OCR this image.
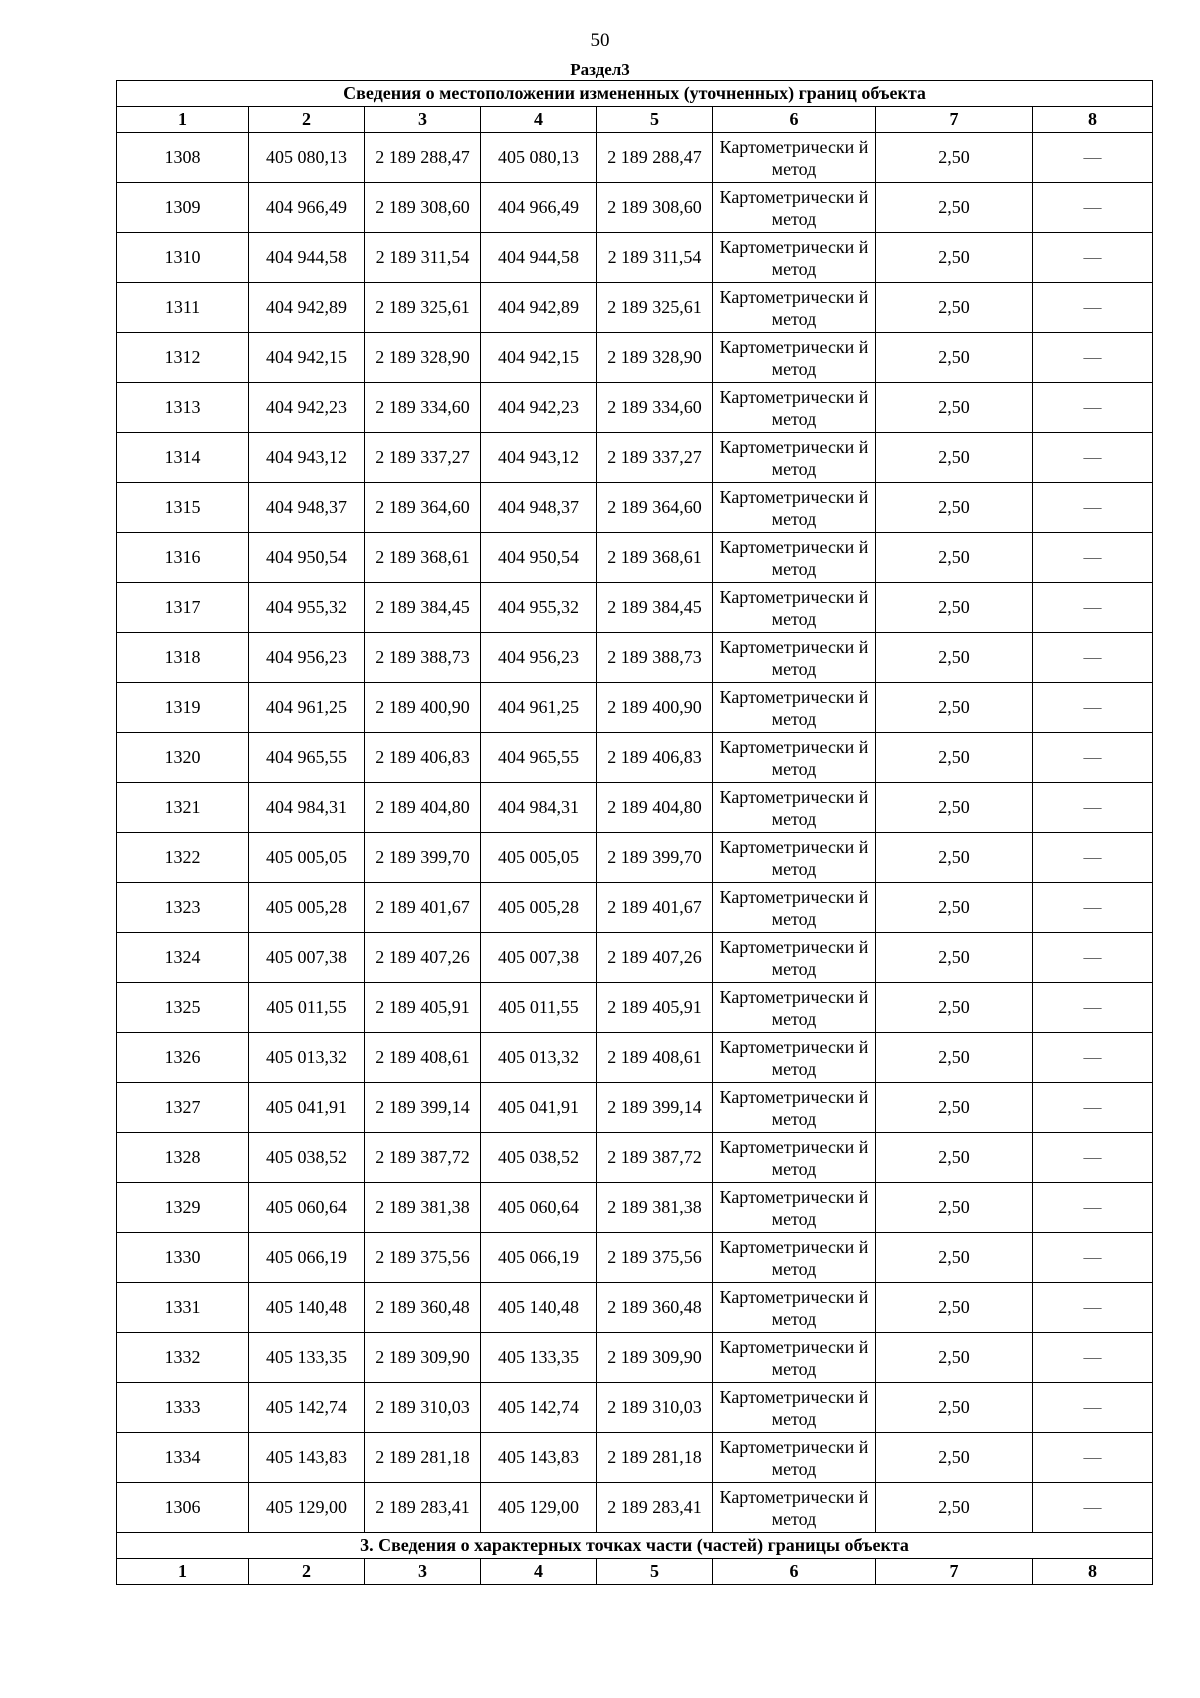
50
Раздел3
Сведения о местоположении измененных (уточненных) границ объекта							
1	2	3	4	5	6	7	8
1308	405 080,13	2 189 288,47	405 080,13	2 189 288,47	Картометрически й метод	2,50	—
1309	404 966,49	2 189 308,60	404 966,49	2 189 308,60	Картометрически й метод	2,50	—
1310	404 944,58	2 189 311,54	404 944,58	2 189 311,54	Картометрически й метод	2,50	—
1311	404 942,89	2 189 325,61	404 942,89	2 189 325,61	Картометрически й метод	2,50	—
1312	404 942,15	2 189 328,90	404 942,15	2 189 328,90	Картометрически й метод	2,50	—
1313	404 942,23	2 189 334,60	404 942,23	2 189 334,60	Картометрически й метод	2,50	—
1314	404 943,12	2 189 337,27	404 943,12	2 189 337,27	Картометрически й метод	2,50	—
1315	404 948,37	2 189 364,60	404 948,37	2 189 364,60	Картометрически й метод	2,50	—
1316	404 950,54	2 189 368,61	404 950,54	2 189 368,61	Картометрически й метод	2,50	—
1317	404 955,32	2 189 384,45	404 955,32	2 189 384,45	Картометрически й метод	2,50	—
1318	404 956,23	2 189 388,73	404 956,23	2 189 388,73	Картометрически й метод	2,50	—
1319	404 961,25	2 189 400,90	404 961,25	2 189 400,90	Картометрически й метод	2,50	—
1320	404 965,55	2 189 406,83	404 965,55	2 189 406,83	Картометрически й метод	2,50	—
1321	404 984,31	2 189 404,80	404 984,31	2 189 404,80	Картометрически й метод	2,50	—
1322	405 005,05	2 189 399,70	405 005,05	2 189 399,70	Картометрически й метод	2,50	—
1323	405 005,28	2 189 401,67	405 005,28	2 189 401,67	Картометрически й метод	2,50	—
1324	405 007,38	2 189 407,26	405 007,38	2 189 407,26	Картометрически й метод	2,50	—
1325	405 011,55	2 189 405,91	405 011,55	2 189 405,91	Картометрически й метод	2,50	—
1326	405 013,32	2 189 408,61	405 013,32	2 189 408,61	Картометрически й метод	2,50	—
1327	405 041,91	2 189 399,14	405 041,91	2 189 399,14	Картометрически й метод	2,50	—
1328	405 038,52	2 189 387,72	405 038,52	2 189 387,72	Картометрически й метод	2,50	—
1329	405 060,64	2 189 381,38	405 060,64	2 189 381,38	Картометрически й метод	2,50	—
1330	405 066,19	2 189 375,56	405 066,19	2 189 375,56	Картометрически й метод	2,50	—
1331	405 140,48	2 189 360,48	405 140,48	2 189 360,48	Картометрически й метод	2,50	—
1332	405 133,35	2 189 309,90	405 133,35	2 189 309,90	Картометрически й метод	2,50	—
1333	405 142,74	2 189 310,03	405 142,74	2 189 310,03	Картометрически й метод	2,50	—
1334	405 143,83	2 189 281,18	405 143,83	2 189 281,18	Картометрически й метод	2,50	—
1306	405 129,00	2 189 283,41	405 129,00	2 189 283,41	Картометрически й метод	2,50	—
3. Сведения о характерных точках части (частей) границы объекта							
1	2	3	4	5	6	7	8
